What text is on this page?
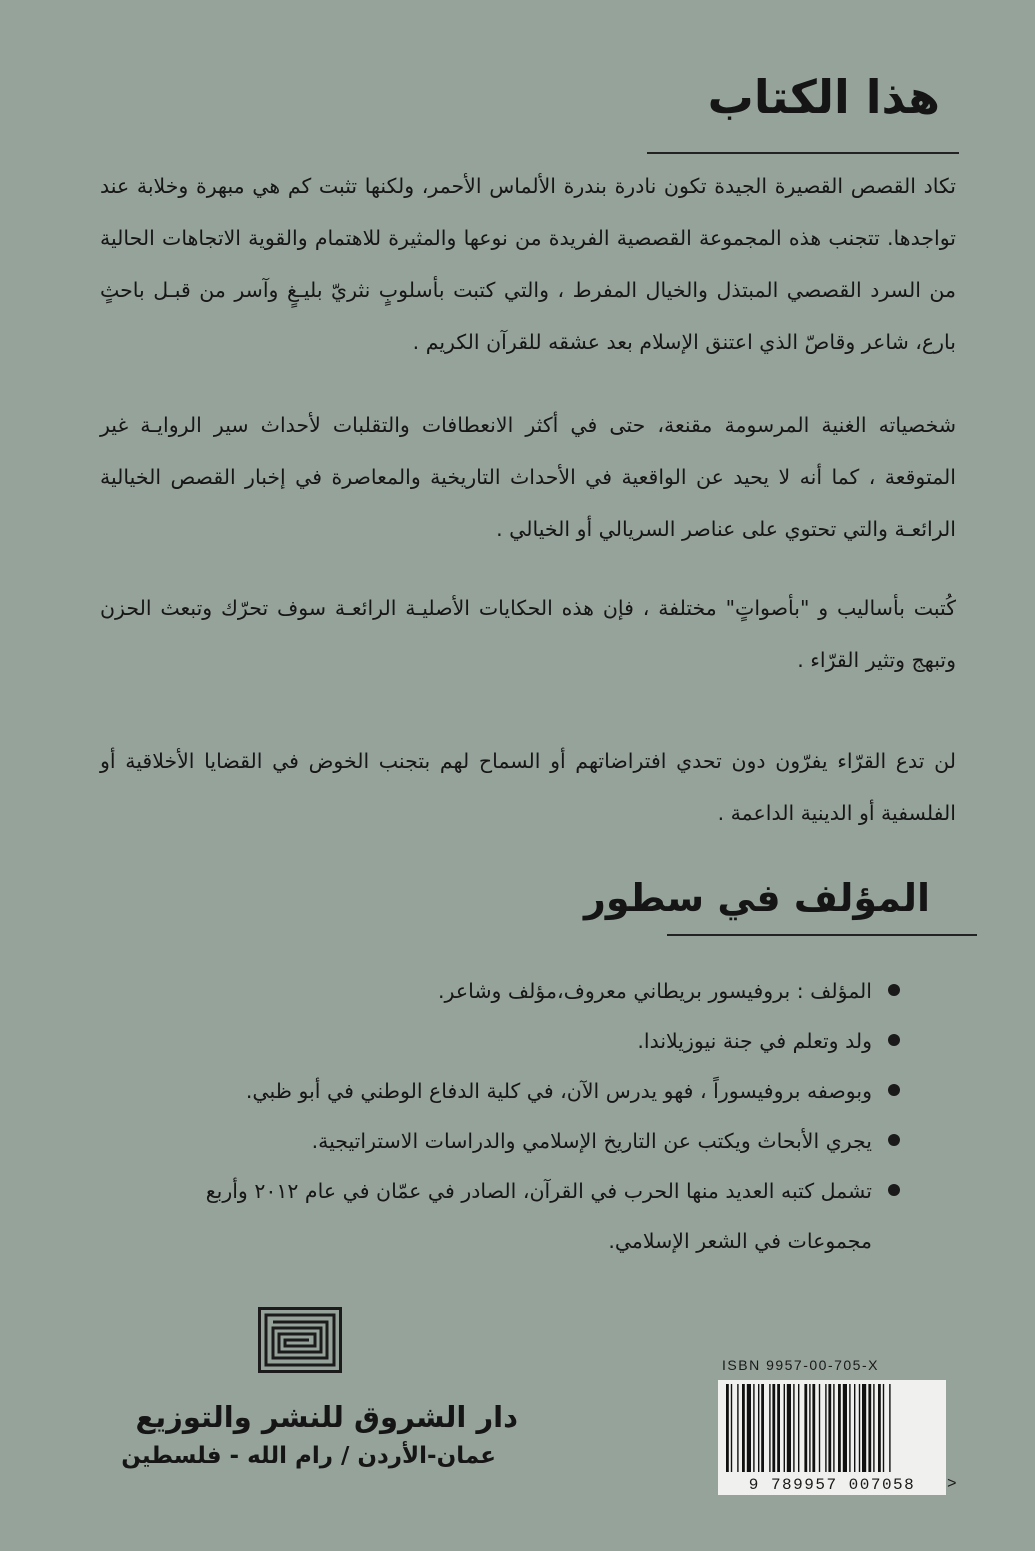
هذا الكتاب
تكاد القصص القصيرة الجيدة تكون نادرة بندرة الألماس الأحمر، ولكنها تثبت كم هي مبهرة وخلابة عند تواجدها. تتجنب هذه المجموعة القصصية الفريدة من نوعها والمثيرة للاهتمام والقوية الاتجاهات الحالية من السرد القصصي المبتذل والخيال المفرط ، والتي كتبت بأسلوبٍ نثريّ بليـغٍ وآسر من قبـل باحثٍ بارع، شاعر وقاصّ الذي اعتنق الإسلام بعد عشقه للقرآن الكريم .
شخصياته الغنية المرسومة مقنعة، حتى في أكثر الانعطافات والتقلبات لأحداث سير الروايـة غير المتوقعة ، كما أنه لا يحيد عن الواقعية في الأحداث التاريخية والمعاصرة في إخبار القصص الخيالية الرائعـة والتي تحتوي على عناصر السريالي أو الخيالي .
كُتبت بأساليب و "بأصواتٍ" مختلفة ، فإن هذه الحكايات الأصليـة الرائعـة سوف تحرّك وتبعث الحزن وتبهج وتثير القرّاء .
لن تدع القرّاء يفرّون دون تحدي افتراضاتهم أو السماح لهم بتجنب الخوض في القضايا الأخلاقية أو الفلسفية أو الدينية الداعمة .
المؤلف في سطور
المؤلف : بروفيسور بريطاني معروف،مؤلف وشاعر.
ولد وتعلم في جنة نيوزيلاندا.
وبوصفه بروفيسوراً ، فهو يدرس الآن، في كلية الدفاع الوطني في أبو ظبي.
يجري الأبحاث ويكتب عن التاريخ الإسلامي والدراسات الاستراتيجية.
تشمل كتبه العديد منها الحرب في القرآن، الصادر في عمّان في عام ٢٠١٢ وأربع مجموعات في الشعر الإسلامي.
دار الشروق للنشر والتوزيع
عمان-الأردن / رام الله - فلسطين
ISBN 9957-00-705-X
9 789957 007058	>
